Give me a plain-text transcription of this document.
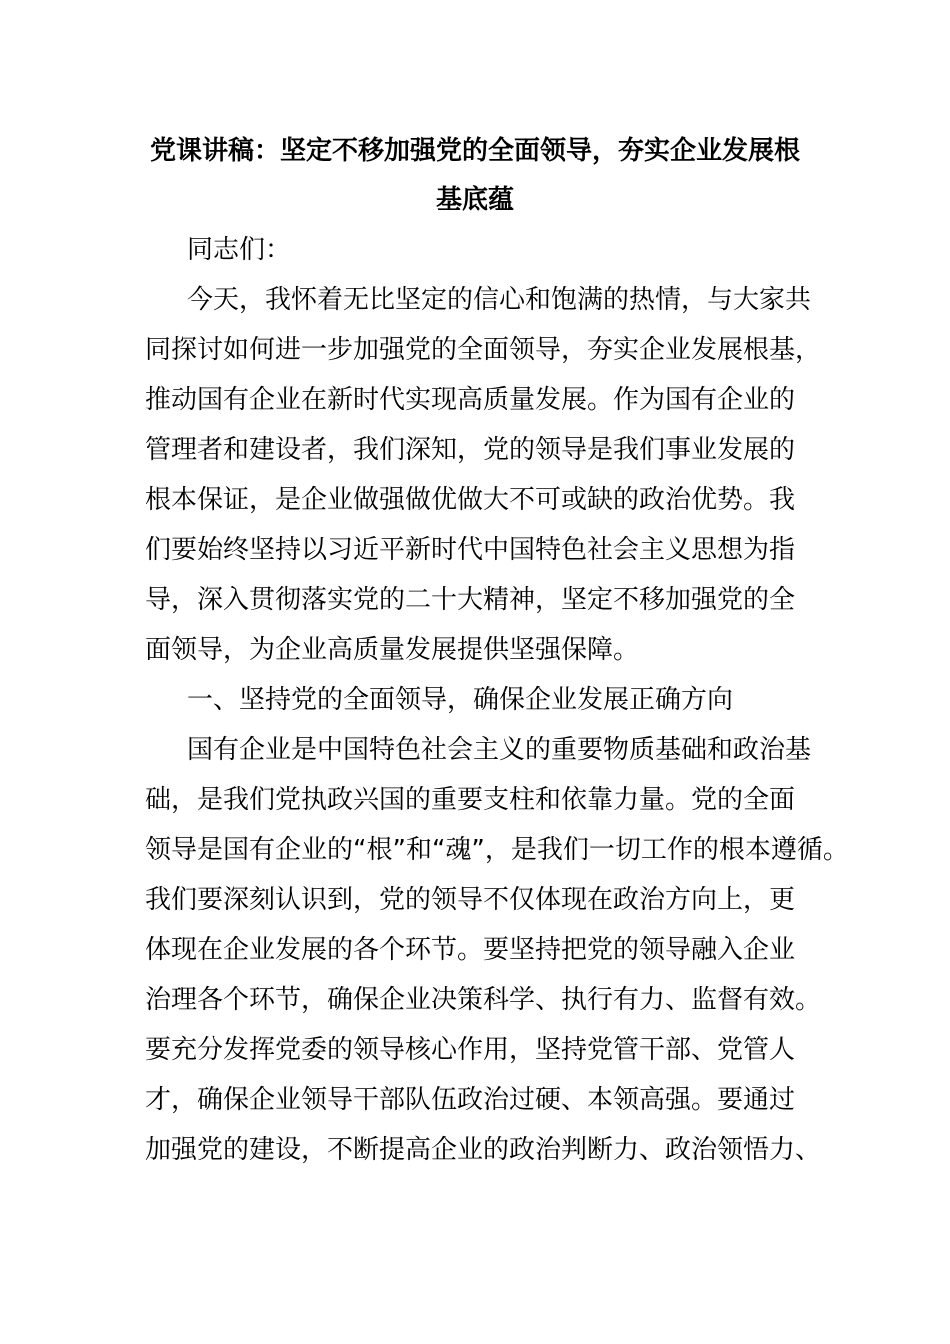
党课讲稿：坚定不移加强党的全面领导，夯实企业发展根
基底蕴
同志们：
今天，我怀着无比坚定的信心和饱满的热情，与大家共
同探讨如何进一步加强党的全面领导，夯实企业发展根基，
推动国有企业在新时代实现高质量发展。作为国有企业的
管理者和建设者，我们深知，党的领导是我们事业发展的
根本保证，是企业做强做优做大不可或缺的政治优势。我
们要始终坚持以习近平新时代中国特色社会主义思想为指
导，深入贯彻落实党的二十大精神，坚定不移加强党的全
面领导，为企业高质量发展提供坚强保障。
一、坚持党的全面领导，确保企业发展正确方向
国有企业是中国特色社会主义的重要物质基础和政治基
础，是我们党执政兴国的重要支柱和依靠力量。党的全面
领导是国有企业的“根”和“魂”，是我们一切工作的根本遵循。
我们要深刻认识到，党的领导不仅体现在政治方向上，更
体现在企业发展的各个环节。要坚持把党的领导融入企业
治理各个环节，确保企业决策科学、执行有力、监督有效。
要充分发挥党委的领导核心作用，坚持党管干部、党管人
才，确保企业领导干部队伍政治过硬、本领高强。要通过
加强党的建设，不断提高企业的政治判断力、政治领悟力、
